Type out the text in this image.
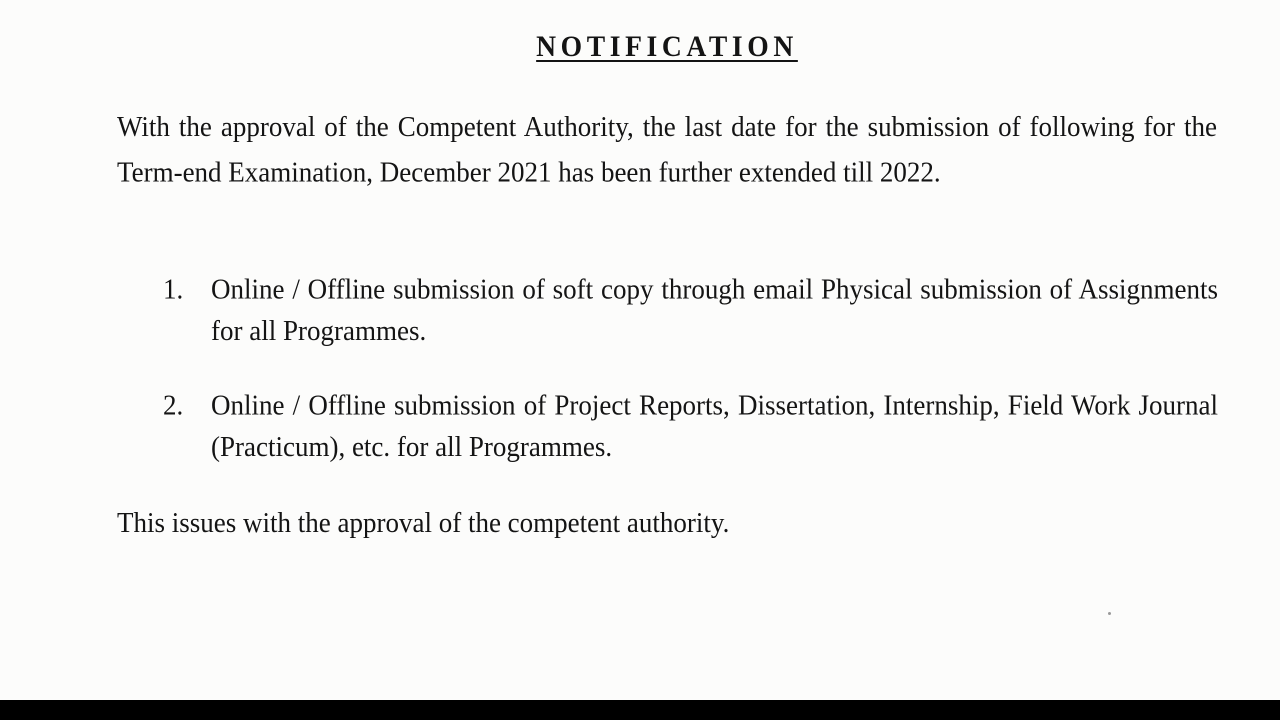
NOTIFICATION
With the approval of the Competent Authority, the last date for the submission of following for the Term-end Examination, December 2021 has been further extended till 2022.
1.	Online / Offline submission of soft copy through email Physical submission of Assignments for all Programmes.
2.	Online / Offline submission of Project Reports, Dissertation, Internship, Field Work Journal (Practicum), etc. for all Programmes.
This issues with the approval of the competent authority.
